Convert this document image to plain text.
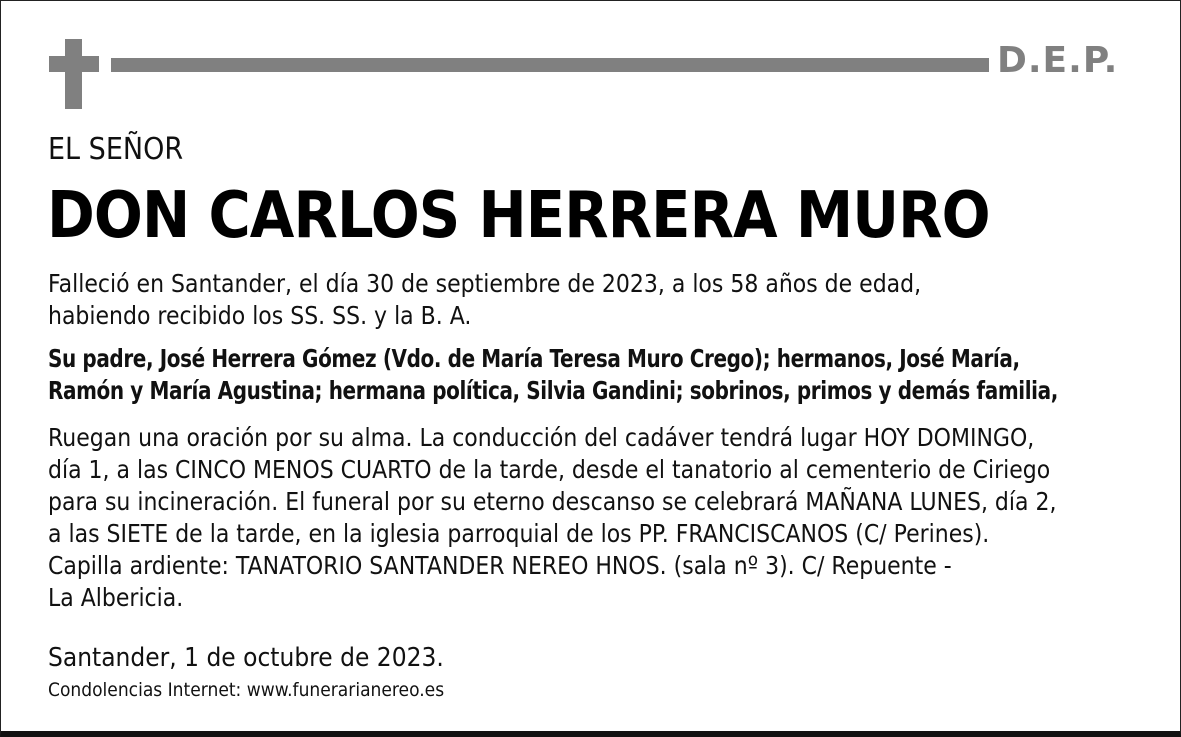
D.E.P.
EL SEÑOR
DON CARLOS HERRERA MURO
Falleció en Santander, el día 30 de septiembre de 2023, a los 58 años de edad,
habiendo recibido los SS. SS. y la B. A.
Su padre, José Herrera Gómez (Vdo. de María Teresa Muro Crego); hermanos, José María,
Ramón y María Agustina; hermana política, Silvia Gandini; sobrinos, primos y demás familia,
Ruegan una oración por su alma. La conducción del cadáver tendrá lugar HOY DOMINGO,
día 1, a las CINCO MENOS CUARTO de la tarde, desde el tanatorio al cementerio de Ciriego
para su incineración. El funeral por su eterno descanso se celebrará MAÑANA LUNES, día 2,
a las SIETE de la tarde, en la iglesia parroquial de los PP. FRANCISCANOS (C/ Perines).
Capilla ardiente: TANATORIO SANTANDER NEREO HNOS. (sala nº 3). C/ Repuente -
La Albericia.
Santander, 1 de octubre de 2023.
Condolencias Internet: www.funerarianereo.es
